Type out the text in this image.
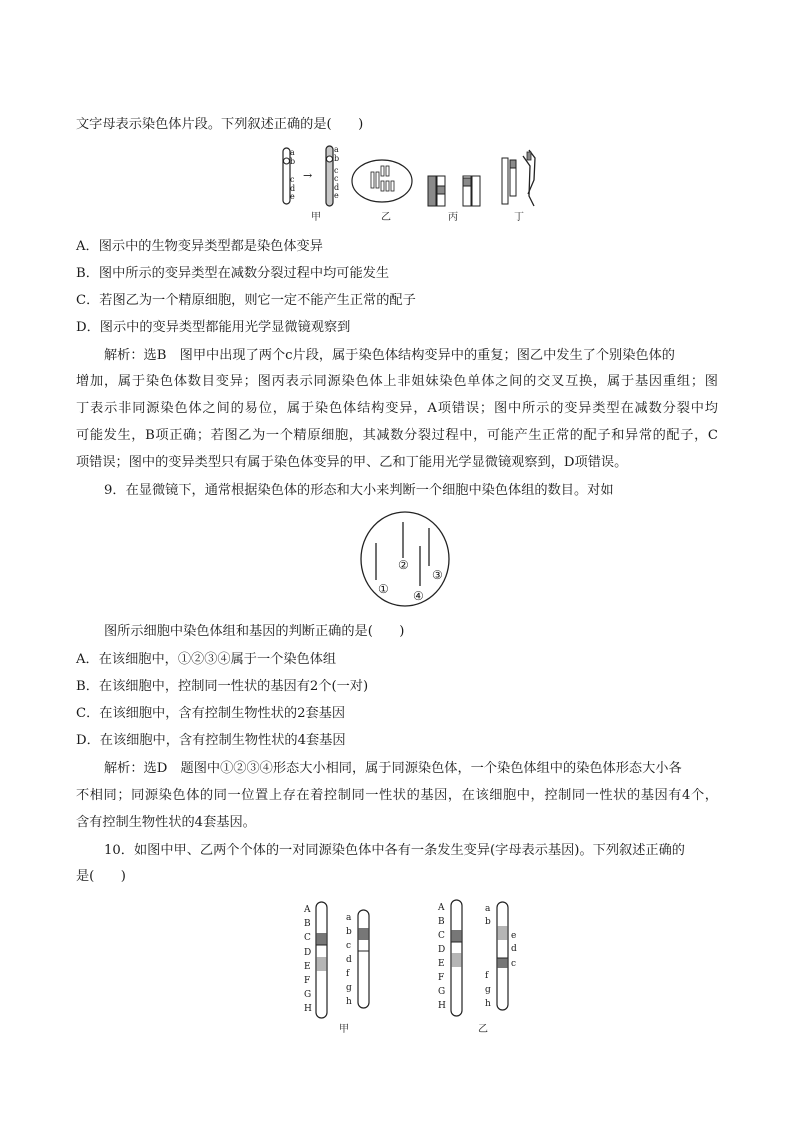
文字母表示染色体片段。下列叙述正确的是(　　)
a
b
c
d
e
→
a
b
c
c
d
e
甲	乙	丙	丁
A．图示中的生物变异类型都是染色体变异
B．图中所示的变异类型在减数分裂过程中均可能发生
C．若图乙为一个精原细胞，则它一定不能产生正常的配子
D．图示中的变异类型都能用光学显微镜观察到
解析：选B　图甲中出现了两个c片段，属于染色体结构变异中的重复；图乙中发生了个别染色体的
增加，属于染色体数目变异；图丙表示同源染色体上非姐妹染色单体之间的交叉互换，属于基因重组；图
丁表示非同源染色体之间的易位，属于染色体结构变异，A项错误；图中所示的变异类型在减数分裂中均
可能发生，B项正确；若图乙为一个精原细胞，其减数分裂过程中，可能产生正常的配子和异常的配子，C
项错误；图中的变异类型只有属于染色体变异的甲、乙和丁能用光学显微镜观察到，D项错误。
9．在显微镜下，通常根据染色体的形态和大小来判断一个细胞中染色体组的数目。对如
①
②
③
④
图所示细胞中染色体组和基因的判断正确的是(　　)
A．在该细胞中，①②③④属于一个染色体组
B．在该细胞中，控制同一性状的基因有2个(一对)
C．在该细胞中，含有控制生物性状的2套基因
D．在该细胞中，含有控制生物性状的4套基因
解析：选D　题图中①②③④形态大小相同，属于同源染色体，一个染色体组中的染色体形态大小各
不相同；同源染色体的同一位置上存在着控制同一性状的基因，在该细胞中，控制同一性状的基因有4个，
含有控制生物性状的4套基因。
10．如图中甲、乙两个个体的一对同源染色体中各有一条发生变异(字母表示基因)。下列叙述正确的
是(　　)
A
B
C
D
E
F
G
H
a
b
c
d
f
g
h
甲
A
B
C
D
E
F
G
H
a
b
e
d
c
f
g
h
乙
